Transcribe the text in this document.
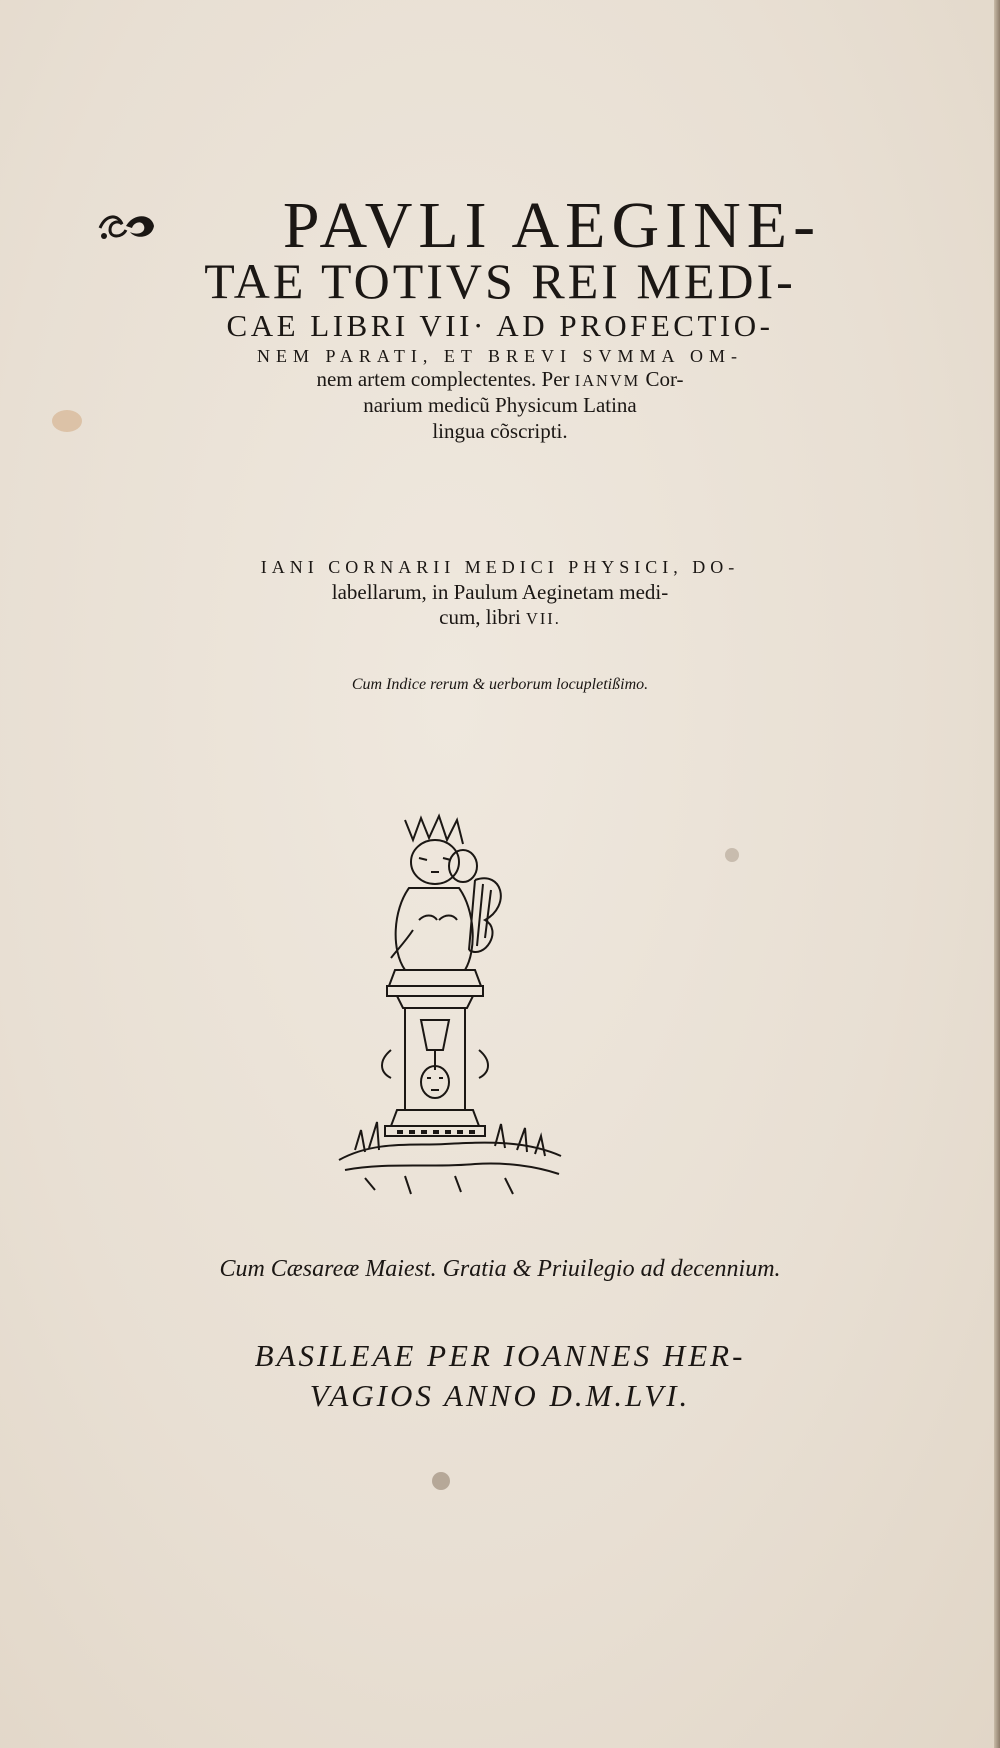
PAVLI AEGINE-
TAE TOTIVS REI MEDI-
CAE LIBRI VII· AD PROFECTIO-
NEM PARATI, ET BREVI SVMMA OM-
nem artem complectentes. Per IANVM Cor-
narium medicũ Physicum Latina
lingua cõscripti.
IANI CORNARII MEDICI PHYSICI, DO-
labellarum, in Paulum Aeginetam medi-
cum, libri VII.
Cum Indice rerum & uerborum locupletißimo.
Cum Cæsareæ Maiest. Gratia & Priuilegio ad decennium.
BASILEAE PER IOANNES HER-
VAGIOS ANNO D.M.LVI.
